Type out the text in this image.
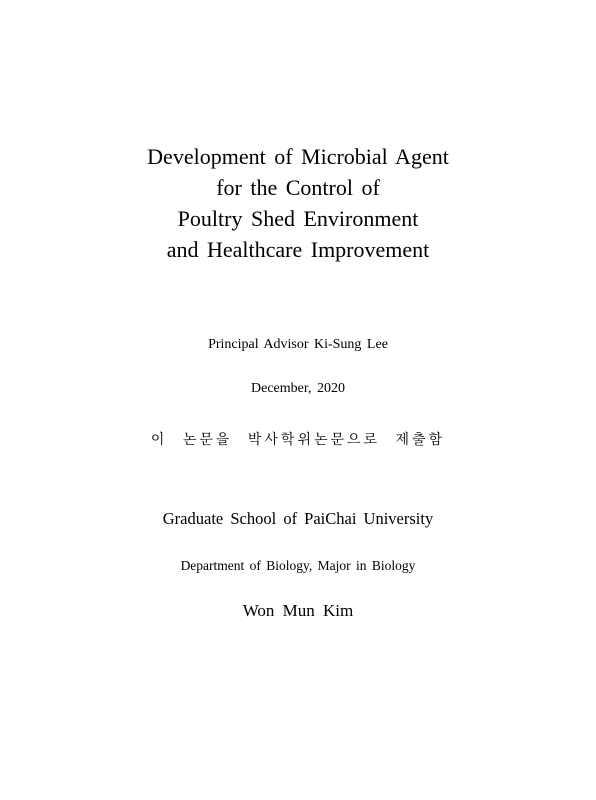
Development of Microbial Agent
for the Control of
Poultry Shed Environment
and Healthcare Improvement
Principal Advisor Ki-Sung Lee
December, 2020
이 논문을 박사학위논문으로 제출함
Graduate School of PaiChai University
Department of Biology, Major in Biology
Won Mun Kim
